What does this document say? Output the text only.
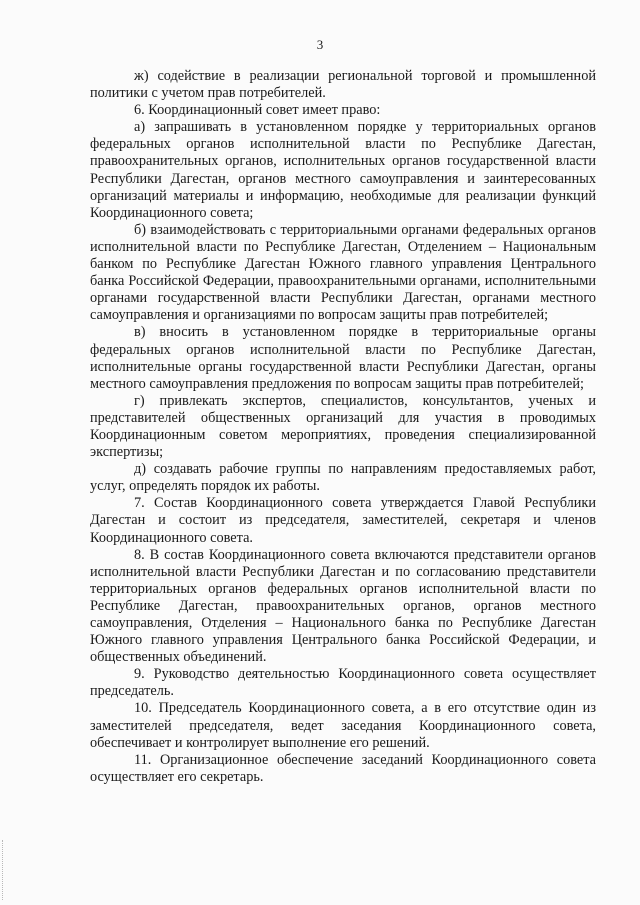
3

ж) содействие в реализации региональной торговой и промышленной политики с учетом прав потребителей.

6. Координационный совет имеет право:

а) запрашивать в установленном порядке у территориальных органов федеральных органов исполнительной власти по Республике Дагестан, правоохранительных органов, исполнительных органов государственной власти Республики Дагестан, органов местного самоуправления и заинтересованных организаций материалы и информацию, необходимые для реализации функций Координационного совета;

б) взаимодействовать с территориальными органами федеральных органов исполнительной власти по Республике Дагестан, Отделением – Национальным банком по Республике Дагестан Южного главного управления Центрального банка Российской Федерации, правоохранительными органами, исполнительными органами государственной власти Республики Дагестан, органами местного самоуправления и организациями по вопросам защиты прав потребителей;

в) вносить в установленном порядке в территориальные органы федеральных органов исполнительной власти по Республике Дагестан, исполнительные органы государственной власти Республики Дагестан, органы местного самоуправления предложения по вопросам защиты прав потребителей;

г) привлекать экспертов, специалистов, консультантов, ученых и представителей общественных организаций для участия в проводимых Координационным советом мероприятиях, проведения специализированной экспертизы;

д) создавать рабочие группы по направлениям предоставляемых работ, услуг, определять порядок их работы.

7. Состав Координационного совета утверждается Главой Республики Дагестан и состоит из председателя, заместителей, секретаря и членов Координационного совета.

8. В состав Координационного совета включаются представители органов исполнительной власти Республики Дагестан и по согласованию представители территориальных органов федеральных органов исполнительной власти по Республике Дагестан, правоохранительных органов, органов местного самоуправления, Отделения – Национального банка по Республике Дагестан Южного главного управления Центрального банка Российской Федерации, и общественных объединений.

9. Руководство деятельностью Координационного совета осуществляет председатель.

10. Председатель Координационного совета, а в его отсутствие один из заместителей председателя, ведет заседания Координационного совета, обеспечивает и контролирует выполнение его решений.

11. Организационное обеспечение заседаний Координационного совета осуществляет его секретарь.
